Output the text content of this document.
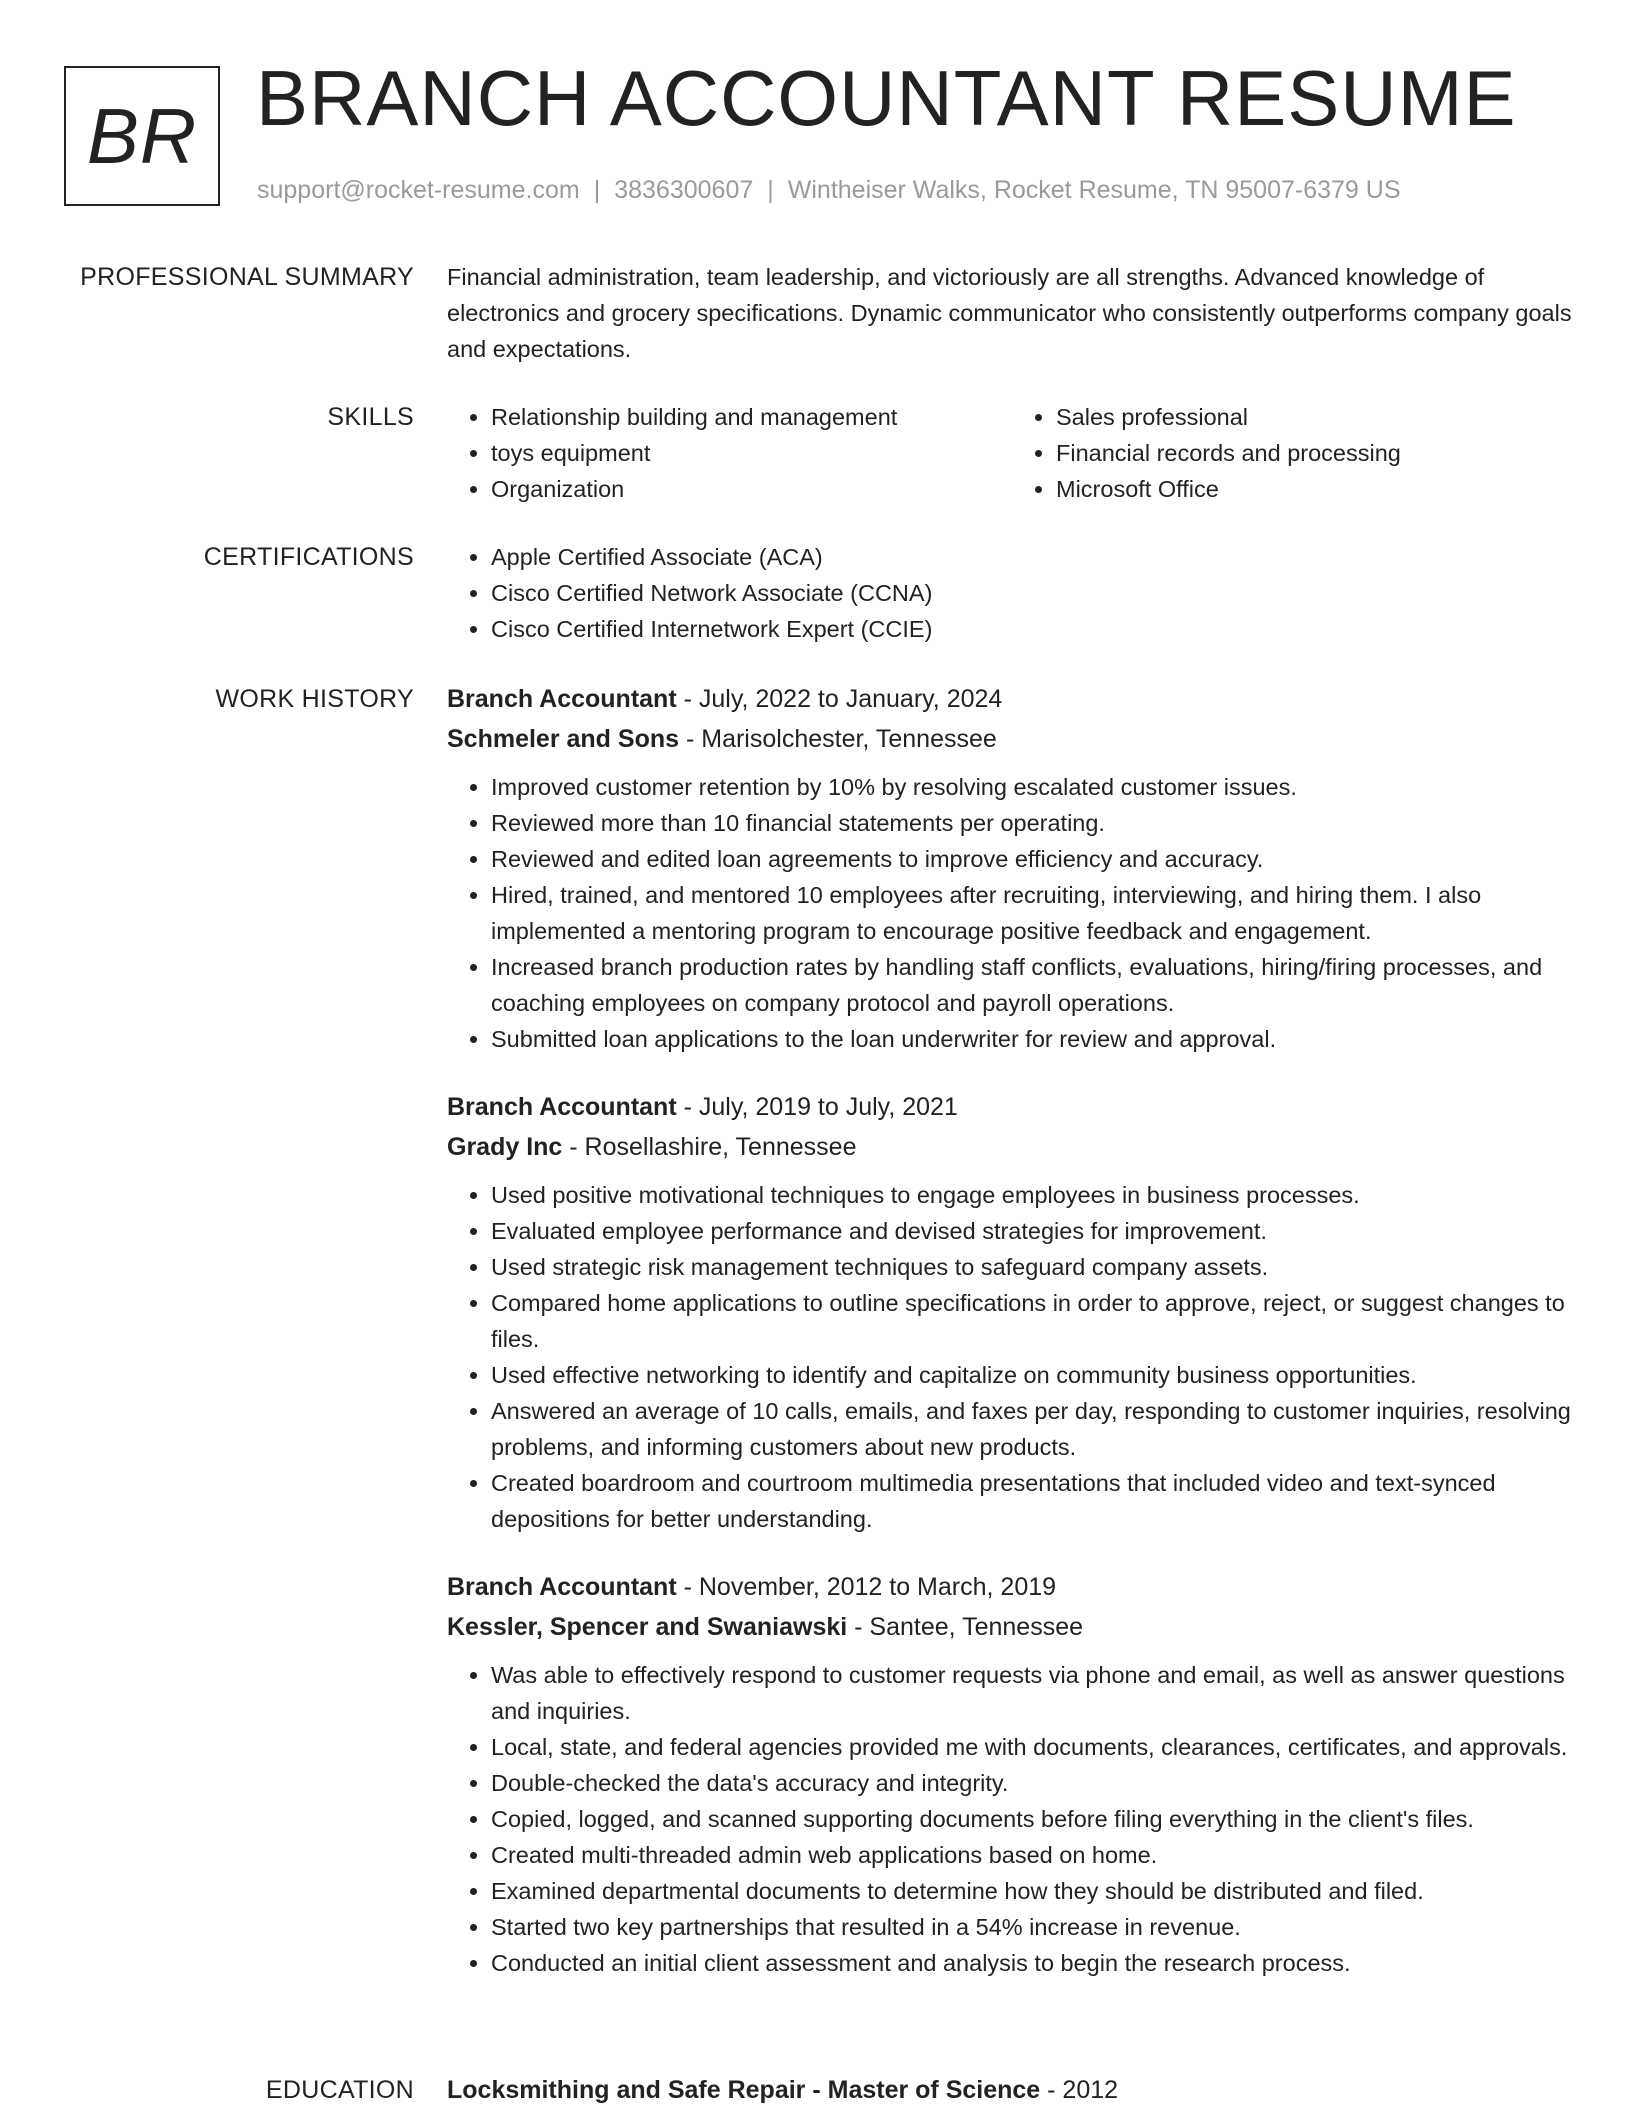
BR BRANCH ACCOUNTANT RESUME
support@rocket-resume.com | 3836300607 | Wintheiser Walks, Rocket Resume, TN 95007-6379 US
PROFESSIONAL SUMMARY Financial administration, team leadership, and victoriously are all strengths. Advanced knowledge of electronics and grocery specifications. Dynamic communicator who consistently outperforms company goals and expectations.

SKILLS	• Relationship building and management
• toys equipment
• Organization
• Sales professional
• Financial records and processing
• Microsoft Office
CERTIFICATIONS	• Apple Certified Associate (ACA)
• Cisco Certified Network Associate (CCNA)
• Cisco Certified Internetwork Expert (CCIE)
WORK HISTORY Branch Accountant - July, 2022 to January, 2024
Schmeler and Sons - Marisolchester, Tennessee
• Improved customer retention by 10% by resolving escalated customer issues.
• Reviewed more than 10 financial statements per operating.
• Reviewed and edited loan agreements to improve efficiency and accuracy.
• Hired, trained, and mentored 10 employees after recruiting, interviewing, and hiring them. I also implemented a mentoring program to encourage positive feedback and engagement.
• Increased branch production rates by handling staff conflicts, evaluations, hiring/firing processes, and coaching employees on company protocol and payroll operations.
• Submitted loan applications to the loan underwriter for review and approval.
Branch Accountant - July, 2019 to July, 2021
Grady Inc - Rosellashire, Tennessee
• Used positive motivational techniques to engage employees in business processes.
• Evaluated employee performance and devised strategies for improvement.
• Used strategic risk management techniques to safeguard company assets.
• Compared home applications to outline specifications in order to approve, reject, or suggest changes to files.
• Used effective networking to identify and capitalize on community business opportunities.
• Answered an average of 10 calls, emails, and faxes per day, responding to customer inquiries, resolving problems, and informing customers about new products.
• Created boardroom and courtroom multimedia presentations that included video and text-synced depositions for better understanding.
Branch Accountant - November, 2012 to March, 2019
Kessler, Spencer and Swaniawski - Santee, Tennessee
• Was able to effectively respond to customer requests via phone and email, as well as answer questions and inquiries.
• Local, state, and federal agencies provided me with documents, clearances, certificates, and approvals.
• Double-checked the data's accuracy and integrity.
• Copied, logged, and scanned supporting documents before filing everything in the client's files.
• Created multi-threaded admin web applications based on home.
• Examined departmental documents to determine how they should be distributed and filed.
• Started two key partnerships that resulted in a 54% increase in revenue.
• Conducted an initial client assessment and analysis to begin the research process.
EDUCATION Locksmithing and Safe Repair - Master of Science - 2012
